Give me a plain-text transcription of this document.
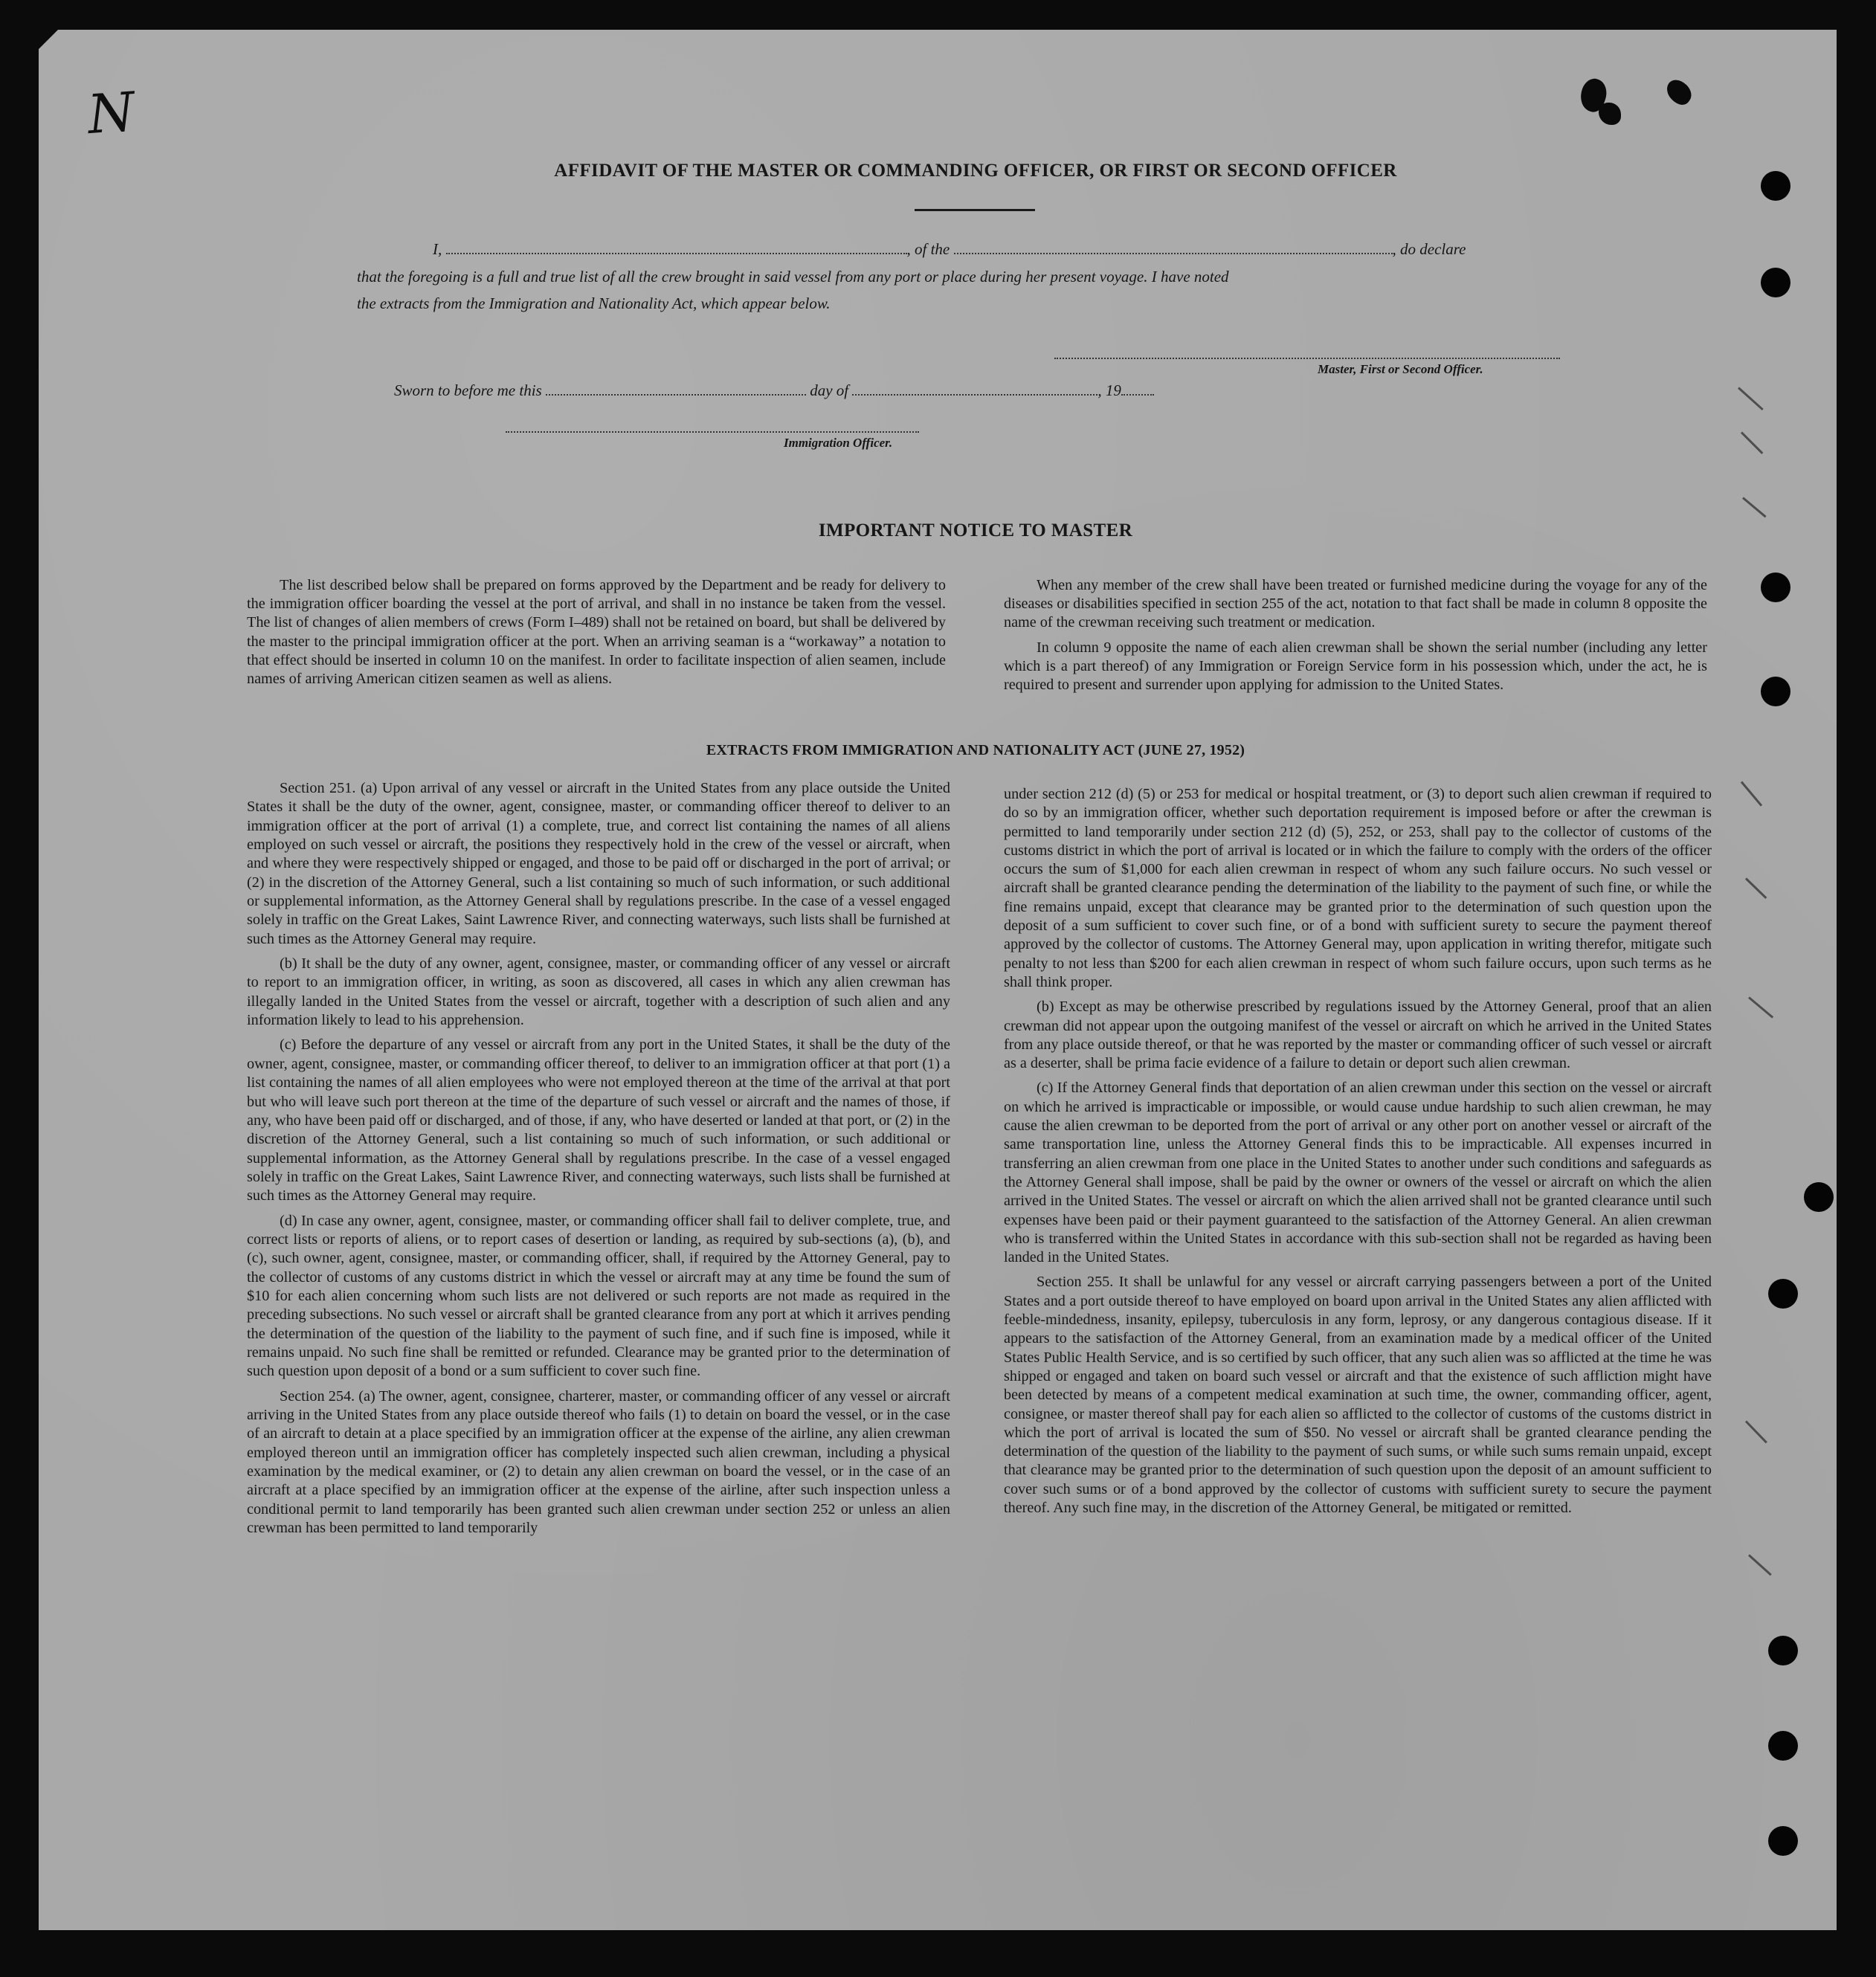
N
AFFIDAVIT OF THE MASTER OR COMMANDING OFFICER, OR FIRST OR SECOND OFFICER
I,	, of the	, do declare
that the foregoing is a full and true list of all the crew brought in said vessel from any port or place during her present voyage. I have noted
the extracts from the Immigration and Nationality Act, which appear below.
Master, First or Second Officer.
Sworn to before me this	day of	, 19
Immigration Officer.
IMPORTANT NOTICE TO MASTER

The list described below shall be prepared on forms approved by the Department and be ready for delivery to the immigration officer boarding the vessel at the port of arrival, and shall in no instance be taken from the vessel. The list of changes of alien members of crews (Form I–489) shall not be retained on board, but shall be delivered by the master to the principal immigration officer at the port. When an arriving seaman is a “workaway” a notation to that effect should be inserted in column 10 on the manifest. In order to facilitate inspection of alien seamen, include names of arriving American citizen seamen as well as aliens.

When any member of the crew shall have been treated or furnished medicine during the voyage for any of the diseases or disabilities specified in section 255 of the act, notation to that fact shall be made in column 8 opposite the name of the crewman receiving such treatment or medication.

In column 9 opposite the name of each alien crewman shall be shown the serial number (including any letter which is a part thereof) of any Immigration or Foreign Service form in his possession which, under the act, he is required to present and surrender upon applying for admission to the United States.

EXTRACTS FROM IMMIGRATION AND NATIONALITY ACT (JUNE 27, 1952)

Section 251. (a) Upon arrival of any vessel or aircraft in the United States from any place outside the United States it shall be the duty of the owner, agent, consignee, master, or commanding officer thereof to deliver to an immigration officer at the port of arrival (1) a complete, true, and correct list containing the names of all aliens employed on such vessel or aircraft, the positions they respectively hold in the crew of the vessel or aircraft, when and where they were respectively shipped or engaged, and those to be paid off or discharged in the port of arrival; or (2) in the discretion of the Attorney General, such a list containing so much of such information, or such additional or supplemental information, as the Attorney General shall by regulations prescribe. In the case of a vessel engaged solely in traffic on the Great Lakes, Saint Lawrence River, and connecting waterways, such lists shall be furnished at such times as the Attorney General may require.

(b) It shall be the duty of any owner, agent, consignee, master, or commanding officer of any vessel or aircraft to report to an immigration officer, in writing, as soon as discovered, all cases in which any alien crewman has illegally landed in the United States from the vessel or aircraft, together with a description of such alien and any information likely to lead to his apprehension.

(c) Before the departure of any vessel or aircraft from any port in the United States, it shall be the duty of the owner, agent, consignee, master, or commanding officer thereof, to deliver to an immigration officer at that port (1) a list containing the names of all alien employees who were not employed thereon at the time of the arrival at that port but who will leave such port thereon at the time of the departure of such vessel or aircraft and the names of those, if any, who have been paid off or discharged, and of those, if any, who have deserted or landed at that port, or (2) in the discretion of the Attorney General, such a list containing so much of such information, or such additional or supplemental information, as the Attorney General shall by regulations prescribe. In the case of a vessel engaged solely in traffic on the Great Lakes, Saint Lawrence River, and connecting waterways, such lists shall be furnished at such times as the Attorney General may require.

(d) In case any owner, agent, consignee, master, or commanding officer shall fail to deliver complete, true, and correct lists or reports of aliens, or to report cases of desertion or landing, as required by sub-sections (a), (b), and (c), such owner, agent, consignee, master, or commanding officer, shall, if required by the Attorney General, pay to the collector of customs of any customs district in which the vessel or aircraft may at any time be found the sum of $10 for each alien concerning whom such lists are not delivered or such reports are not made as required in the preceding subsections. No such vessel or aircraft shall be granted clearance from any port at which it arrives pending the determination of the question of the liability to the payment of such fine, and if such fine is imposed, while it remains unpaid. No such fine shall be remitted or refunded. Clearance may be granted prior to the determination of such question upon deposit of a bond or a sum sufficient to cover such fine.

Section 254. (a) The owner, agent, consignee, charterer, master, or commanding officer of any vessel or aircraft arriving in the United States from any place outside thereof who fails (1) to detain on board the vessel, or in the case of an aircraft to detain at a place specified by an immigration officer at the expense of the airline, any alien crewman employed thereon until an immigration officer has completely inspected such alien crewman, including a physical examination by the medical examiner, or (2) to detain any alien crewman on board the vessel, or in the case of an aircraft at a place specified by an immigration officer at the expense of the airline, after such inspection unless a conditional permit to land temporarily has been granted such alien crewman under section 252 or unless an alien crewman has been permitted to land temporarily

under section 212 (d) (5) or 253 for medical or hospital treatment, or (3) to deport such alien crewman if required to do so by an immigration officer, whether such deportation requirement is imposed before or after the crewman is permitted to land temporarily under section 212 (d) (5), 252, or 253, shall pay to the collector of customs of the customs district in which the port of arrival is located or in which the failure to comply with the orders of the officer occurs the sum of $1,000 for each alien crewman in respect of whom any such failure occurs. No such vessel or aircraft shall be granted clearance pending the determination of the liability to the payment of such fine, or while the fine remains unpaid, except that clearance may be granted prior to the determination of such question upon the deposit of a sum sufficient to cover such fine, or of a bond with sufficient surety to secure the payment thereof approved by the collector of customs. The Attorney General may, upon application in writing therefor, mitigate such penalty to not less than $200 for each alien crewman in respect of whom such failure occurs, upon such terms as he shall think proper.

(b) Except as may be otherwise prescribed by regulations issued by the Attorney General, proof that an alien crewman did not appear upon the outgoing manifest of the vessel or aircraft on which he arrived in the United States from any place outside thereof, or that he was reported by the master or commanding officer of such vessel or aircraft as a deserter, shall be prima facie evidence of a failure to detain or deport such alien crewman.

(c) If the Attorney General finds that deportation of an alien crewman under this section on the vessel or aircraft on which he arrived is impracticable or impossible, or would cause undue hardship to such alien crewman, he may cause the alien crewman to be deported from the port of arrival or any other port on another vessel or aircraft of the same transportation line, unless the Attorney General finds this to be impracticable. All expenses incurred in transferring an alien crewman from one place in the United States to another under such conditions and safeguards as the Attorney General shall impose, shall be paid by the owner or owners of the vessel or aircraft on which the alien arrived in the United States. The vessel or aircraft on which the alien arrived shall not be granted clearance until such expenses have been paid or their payment guaranteed to the satisfaction of the Attorney General. An alien crewman who is transferred within the United States in accordance with this sub-section shall not be regarded as having been landed in the United States.

Section 255. It shall be unlawful for any vessel or aircraft carrying passengers between a port of the United States and a port outside thereof to have employed on board upon arrival in the United States any alien afflicted with feeble-mindedness, insanity, epilepsy, tuberculosis in any form, leprosy, or any dangerous contagious disease. If it appears to the satisfaction of the Attorney General, from an examination made by a medical officer of the United States Public Health Service, and is so certified by such officer, that any such alien was so afflicted at the time he was shipped or engaged and taken on board such vessel or aircraft and that the existence of such affliction might have been detected by means of a competent medical examination at such time, the owner, commanding officer, agent, consignee, or master thereof shall pay for each alien so afflicted to the collector of customs of the customs district in which the port of arrival is located the sum of $50. No vessel or aircraft shall be granted clearance pending the determination of the question of the liability to the payment of such sums, or while such sums remain unpaid, except that clearance may be granted prior to the determination of such question upon the deposit of an amount sufficient to cover such sums or of a bond approved by the collector of customs with sufficient surety to secure the payment thereof. Any such fine may, in the discretion of the Attorney General, be mitigated or remitted.
